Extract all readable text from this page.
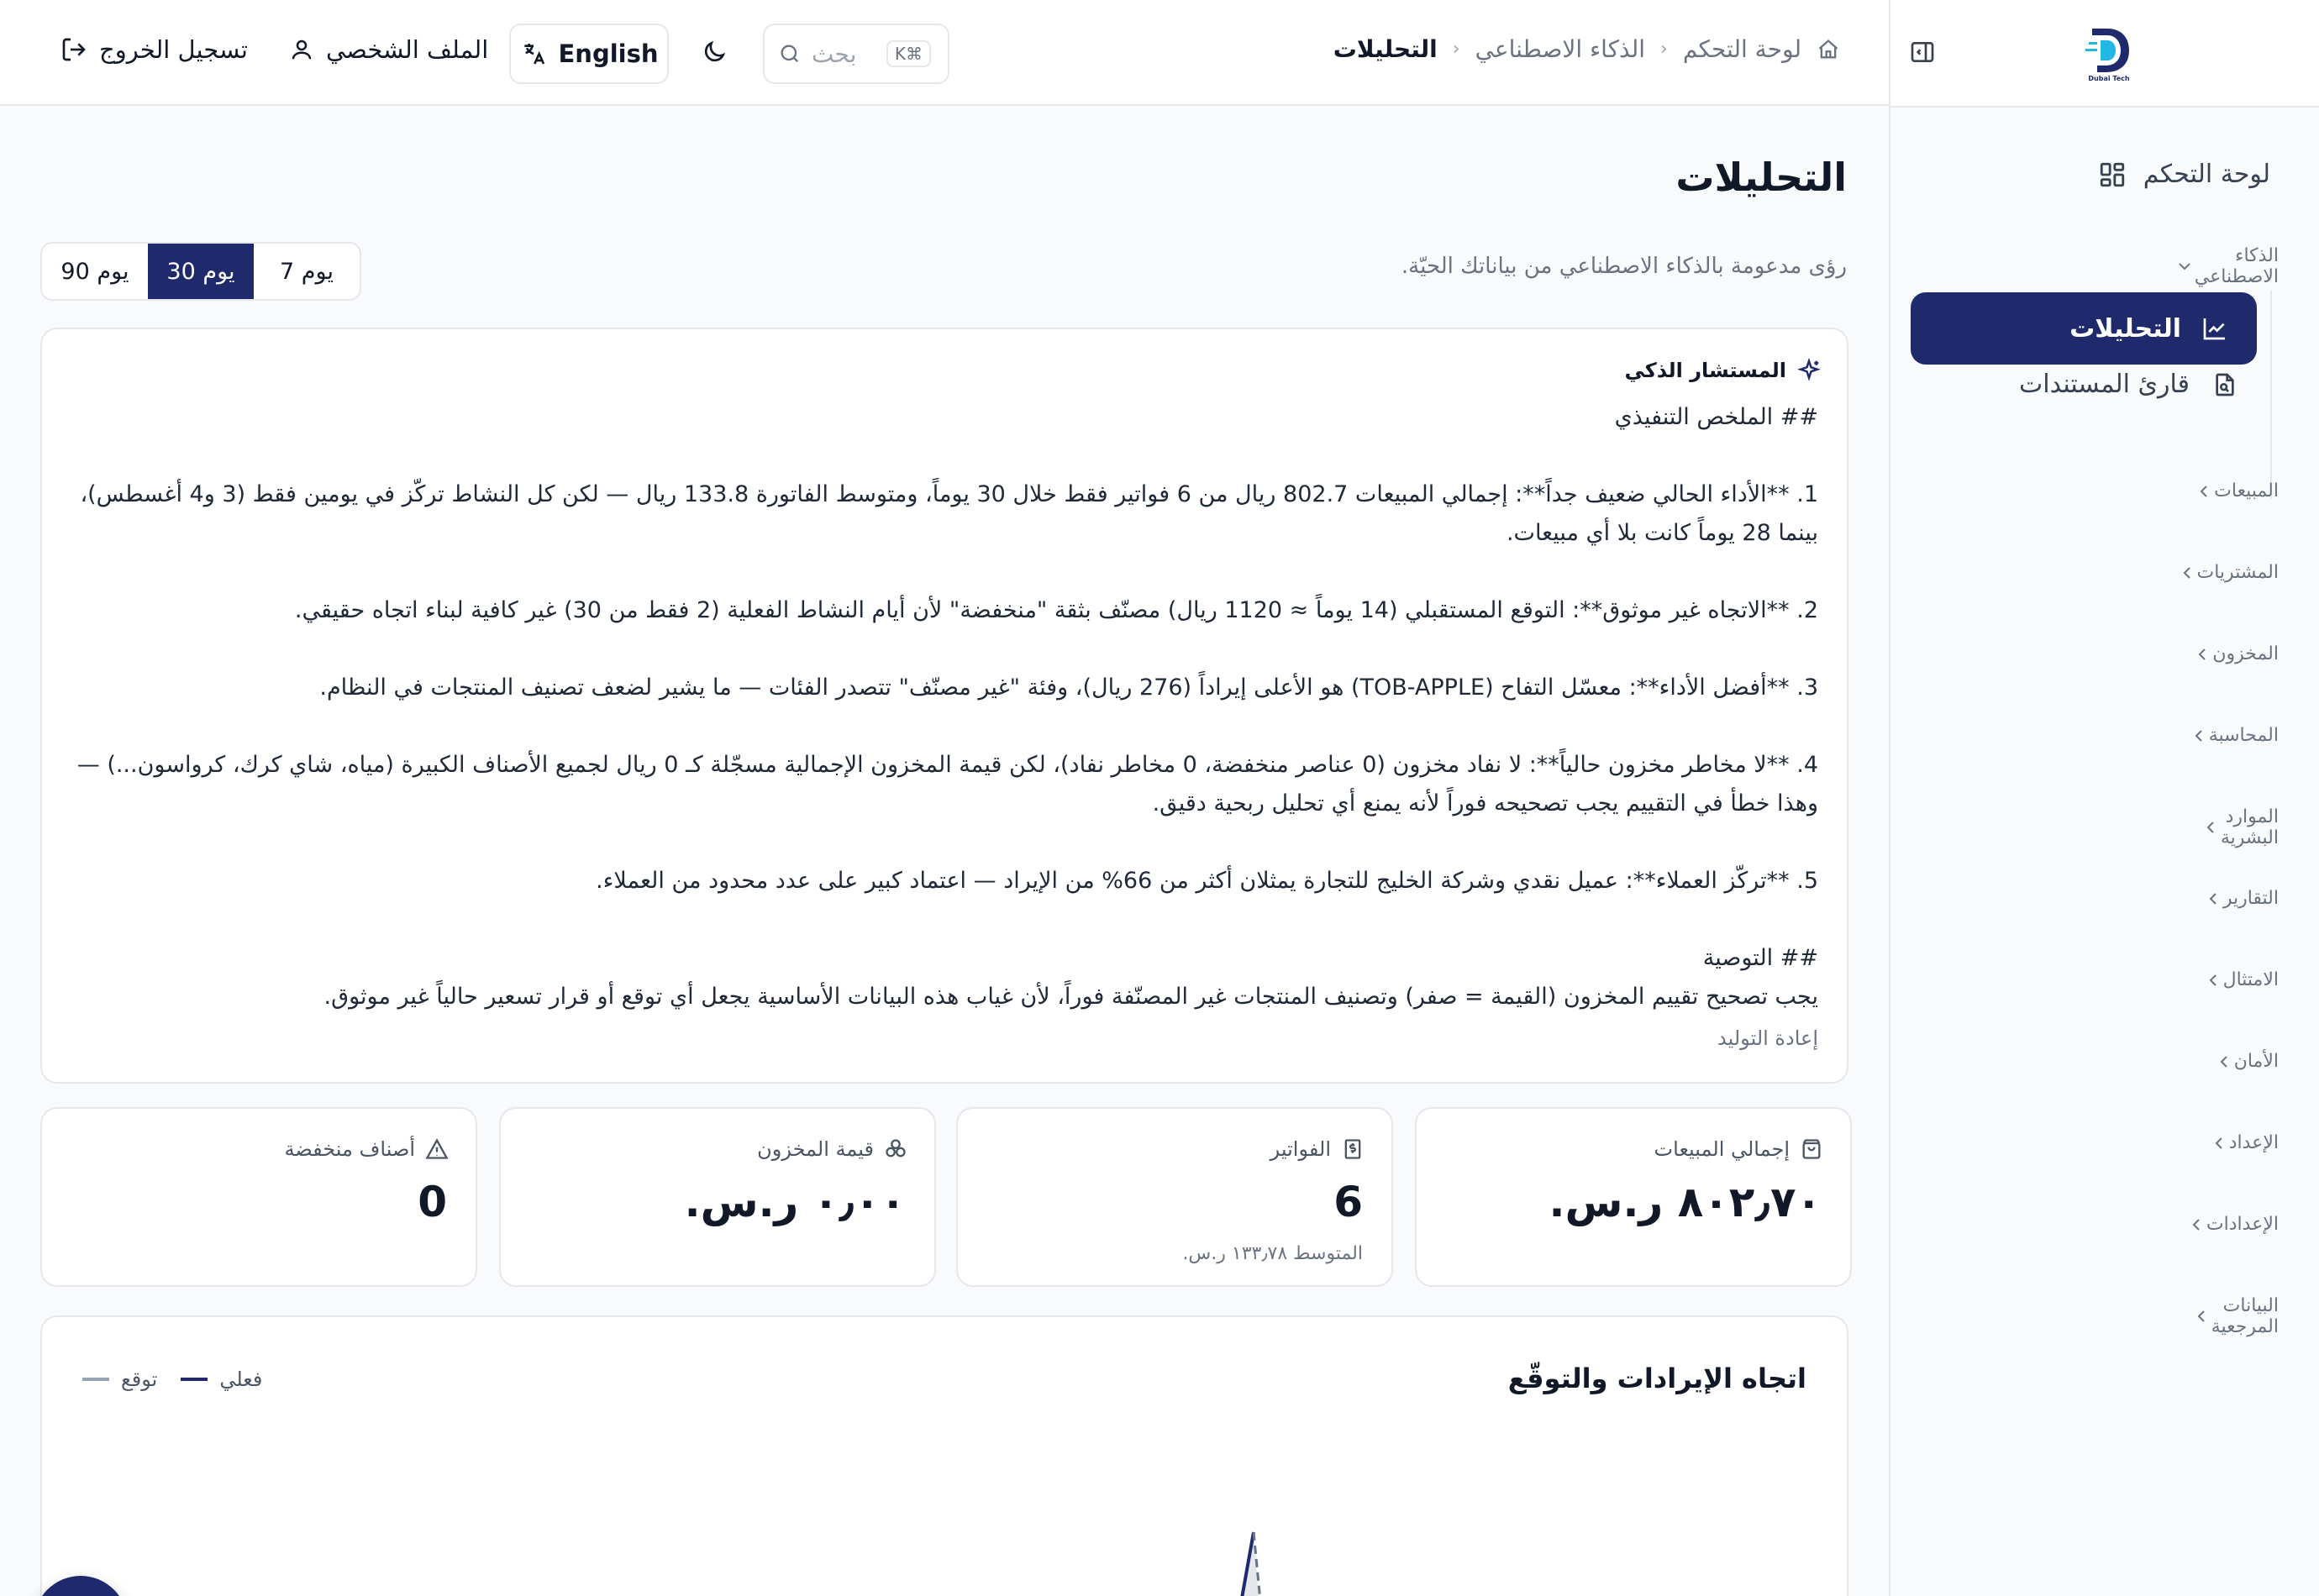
Dubai Tech
لوحة التحكم
الذكاء الاصطناعي
التحليلات
قارئ المستندات
المبيعات
المشتريات
المخزون
المحاسبة
الموارد البشرية
التقارير
الامتثال
الأمان
الإعداد
الإعدادات
البيانات المرجعية
تسجيل الخروج	الملف الشخصي	English	⌘K
بحث	لوحة التحكم
‹
الذكاء الاصطناعي
‹
التحليلات
التحليلات

رؤى مدعومة بالذكاء الاصطناعي من بياناتك الحيّة.

90 يوم	30 يوم	7 يوم
المستشار الذكي

## الملخص التنفيذي

1. **الأداء الحالي ضعيف جداً**: إجمالي المبيعات 802.7 ريال من 6 فواتير فقط خلال 30 يوماً، ومتوسط الفاتورة 133.8 ريال — لكن كل النشاط تركّز في يومين فقط (3 و4 أغسطس)، بينما 28 يوماً كانت بلا أي مبيعات.

2. **الاتجاه غير موثوق**: التوقع المستقبلي (14 يوماً ≈ 1120 ريال) مصنّف بثقة "منخفضة" لأن أيام النشاط الفعلية (2 فقط من 30) غير كافية لبناء اتجاه حقيقي.

3. **أفضل الأداء**: معسّل التفاح (TOB-APPLE) هو الأعلى إيراداً (276 ريال)، وفئة "غير مصنّف" تتصدر الفئات — ما يشير لضعف تصنيف المنتجات في النظام.

4. **لا مخاطر مخزون حالياً**: لا نفاد مخزون (0 عناصر منخفضة، 0 مخاطر نفاد)، لكن قيمة المخزون الإجمالية مسجّلة كـ 0 ريال لجميع الأصناف الكبيرة (مياه، شاي كرك، كرواسون...) — وهذا خطأ في التقييم يجب تصحيحه فوراً لأنه يمنع أي تحليل ربحية دقيق.

5. **تركّز العملاء**: عميل نقدي وشركة الخليج للتجارة يمثلان أكثر من 66% من الإيراد — اعتماد كبير على عدد محدود من العملاء.

## التوصية

يجب تصحيح تقييم المخزون (القيمة = صفر) وتصنيف المنتجات غير المصنّفة فوراً، لأن غياب هذه البيانات الأساسية يجعل أي توقع أو قرار تسعير حالياً غير موثوق.

إعادة التوليد
إجمالي المبيعات
٨٠٢٫٧٠ ر.س.
الفواتير
6
المتوسط ١٣٣٫٧٨ ر.س.
قيمة المخزون
٠٫٠٠ ر.س.
أصناف منخفضة
0
اتجاه الإيرادات والتوقّع
فعلي
توقع
